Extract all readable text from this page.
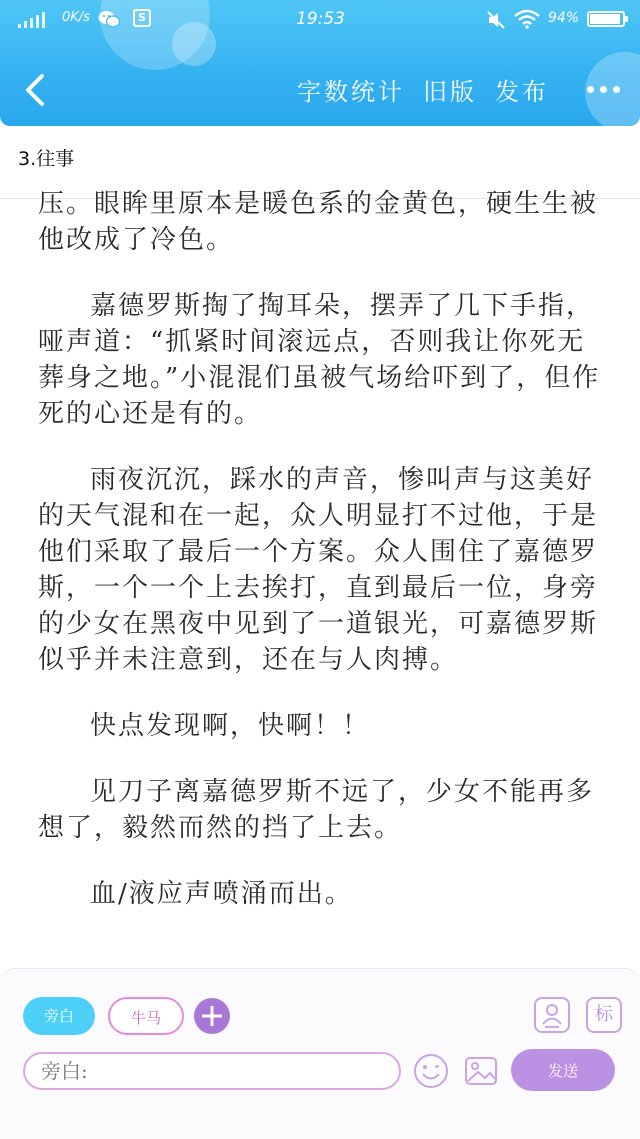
0K/s	S	19:53	94%
字数统计 旧版 发布
3.往事

压。眼眸里原本是暖色系的金黄色，硬生生被他改成了冷色。

嘉德罗斯掏了掏耳朵，摆弄了几下手指，哑声道：“抓紧时间滚远点，否则我让你死无葬身之地。”小混混们虽被气场给吓到了，但作死的心还是有的。

雨夜沉沉，踩水的声音，惨叫声与这美好的天气混和在一起，众人明显打不过他，于是他们采取了最后一个方案。众人围住了嘉德罗斯，一个一个上去挨打，直到最后一位，身旁的少女在黑夜中见到了一道银光，可嘉德罗斯似乎并未注意到，还在与人肉搏。

快点发现啊，快啊！！

见刀子离嘉德罗斯不远了，少女不能再多想了，毅然而然的挡了上去。

血/液应声喷涌而出。

旁白	牛马	标
旁白:
发送
